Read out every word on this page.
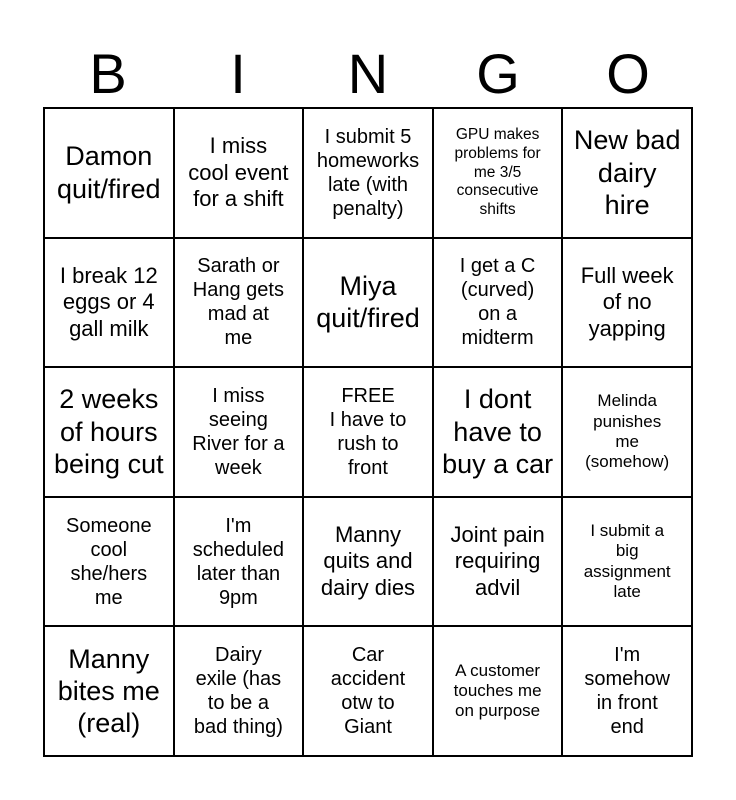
B	I	N	G	O
Damon
quit/fired
I miss
cool event
for a shift
I submit 5
homeworks
late (with
penalty)
GPU makes
problems for
me 3/5
consecutive
shifts
New bad
dairy
hire
I break 12
eggs or 4
gall milk
Sarath or
Hang gets
mad at
me
Miya
quit/fired
I get a C
(curved)
on a
midterm
Full week
of no
yapping
2 weeks
of hours
being cut
I miss
seeing
River for a
week
FREE
I have to
rush to
front
I dont
have to
buy a car
Melinda
punishes
me
(somehow)
Someone
cool
she/hers
me
I'm
scheduled
later than
9pm
Manny
quits and
dairy dies
Joint pain
requiring
advil
I submit a
big
assignment
late
Manny
bites me
(real)
Dairy
exile (has
to be a
bad thing)
Car
accident
otw to
Giant
A customer
touches me
on purpose
I'm
somehow
in front
end
